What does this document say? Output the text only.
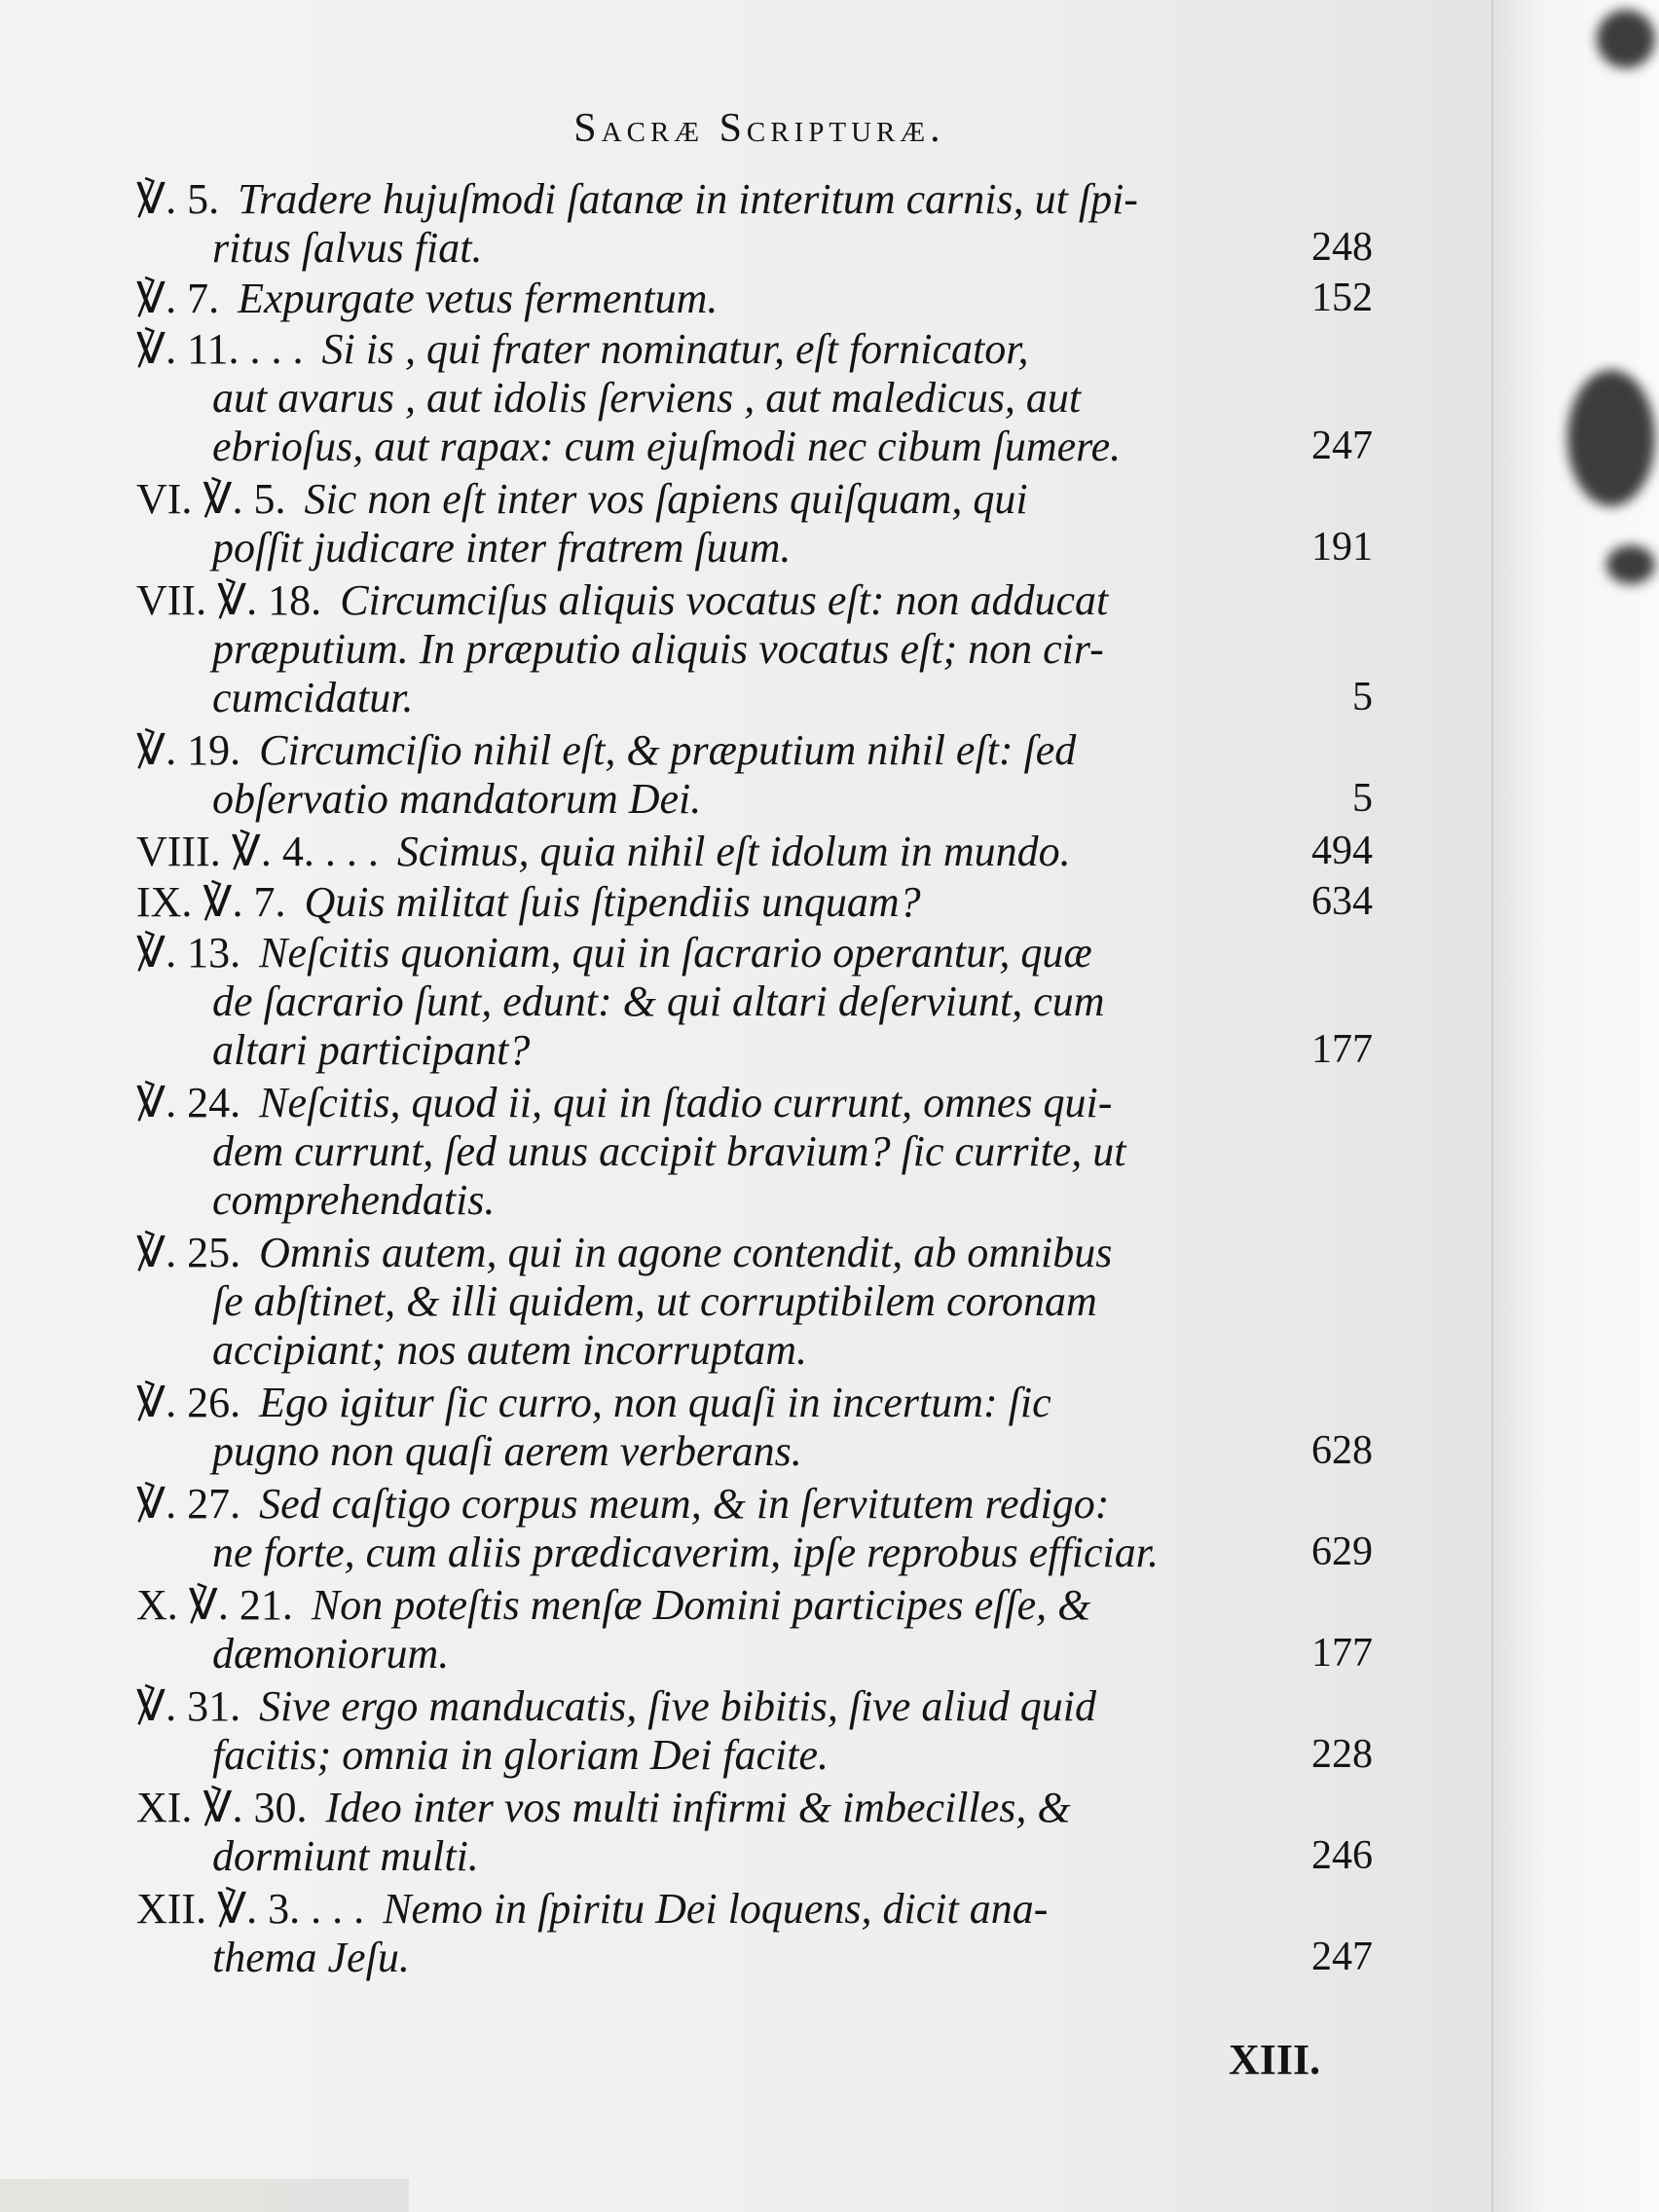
Sacræ Scripturæ.
℣. 5. Tradere hujuſmodi ſatanæ in interitum carnis, ut ſpi-
ritus ſalvus fiat.	248
℣. 7. Expurgate vetus fermentum.	152
℣. 11. . . . Si is , qui frater nominatur, eſt fornicator,
aut avarus , aut idolis ſerviens , aut maledicus, aut
ebrioſus, aut rapax: cum ejuſmodi nec cibum ſumere.	247
VI. ℣. 5. Sic non eſt inter vos ſapiens quiſquam, qui
poſſit judicare inter fratrem ſuum.	191
VII. ℣. 18. Circumciſus aliquis vocatus eſt: non adducat
præputium. In præputio aliquis vocatus eſt; non cir-
cumcidatur.	5
℣. 19. Circumciſio nihil eſt, & præputium nihil eſt: ſed
obſervatio mandatorum Dei.	5
VIII. ℣. 4. . . . Scimus, quia nihil eſt idolum in mundo.	494
IX. ℣. 7. Quis militat ſuis ſtipendiis unquam?	634
℣. 13. Neſcitis quoniam, qui in ſacrario operantur, quæ
de ſacrario ſunt, edunt: & qui altari deſerviunt, cum
altari participant?	177
℣. 24. Neſcitis, quod ii, qui in ſtadio currunt, omnes qui-
dem currunt, ſed unus accipit bravium? ſic currite, ut
comprehendatis.
℣. 25. Omnis autem, qui in agone contendit, ab omnibus
ſe abſtinet, & illi quidem, ut corruptibilem coronam
accipiant; nos autem incorruptam.
℣. 26. Ego igitur ſic curro, non quaſi in incertum: ſic
pugno non quaſi aerem verberans.	628
℣. 27. Sed caſtigo corpus meum, & in ſervitutem redigo:
ne forte, cum aliis prædicaverim, ipſe reprobus efficiar.	629
X. ℣. 21. Non poteſtis menſæ Domini participes eſſe, &
dæmoniorum.	177
℣. 31. Sive ergo manducatis, ſive bibitis, ſive aliud quid
facitis; omnia in gloriam Dei facite.	228
XI. ℣. 30. Ideo inter vos multi infirmi & imbecilles, &
dormiunt multi.	246
XII. ℣. 3. . . . Nemo in ſpiritu Dei loquens, dicit ana-
thema Jeſu.	247
XIII.
